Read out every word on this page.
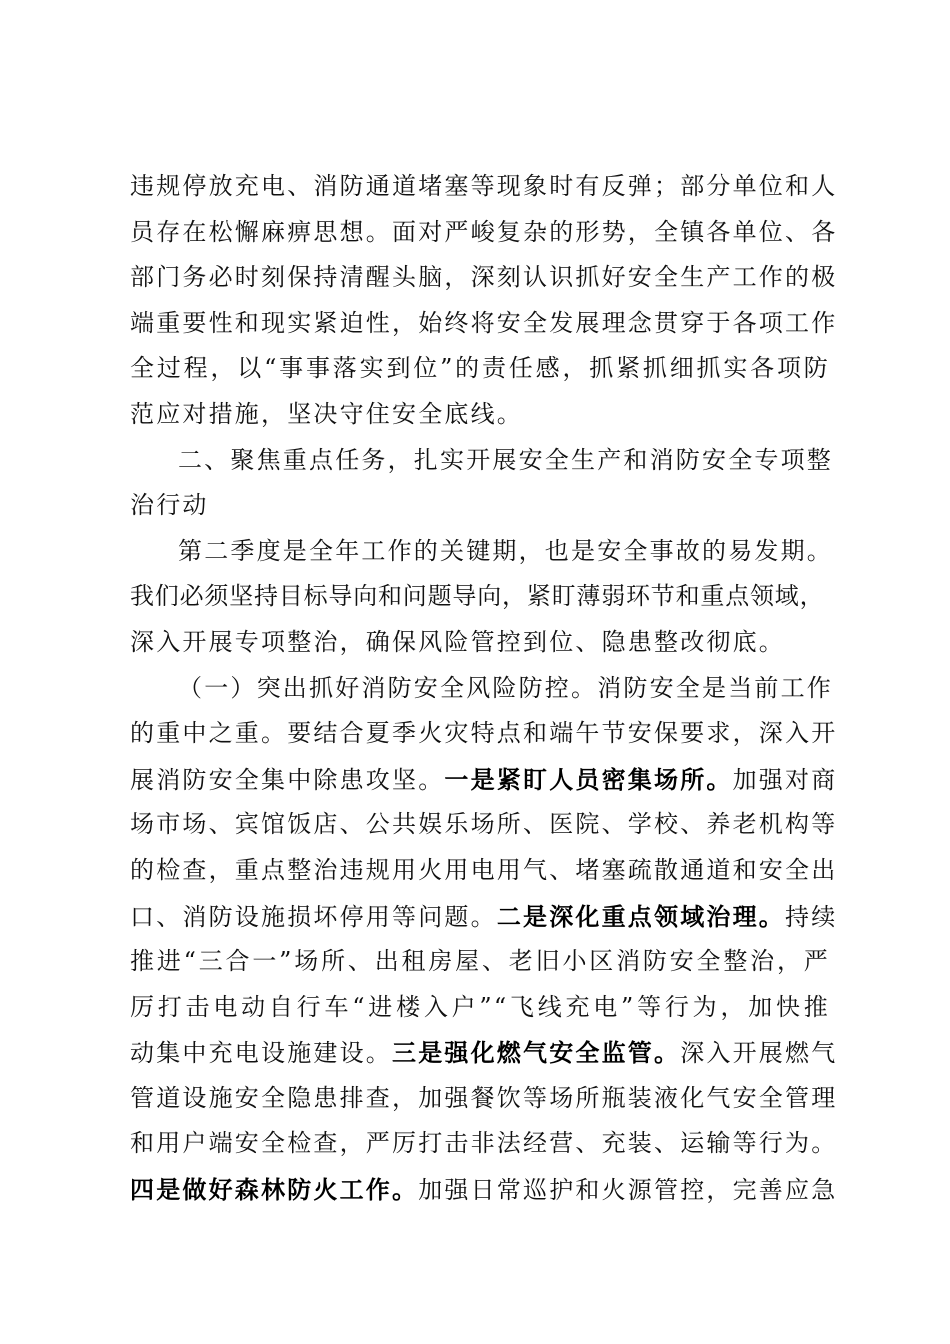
违规停放充电、消防通道堵塞等现象时有反弹；部分单位和人
员存在松懈麻痹思想。面对严峻复杂的形势，全镇各单位、各
部门务必时刻保持清醒头脑，深刻认识抓好安全生产工作的极
端重要性和现实紧迫性，始终将安全发展理念贯穿于各项工作
全过程，以“事事落实到位”的责任感，抓紧抓细抓实各项防
范应对措施，坚决守住安全底线。
二、聚焦重点任务，扎实开展安全生产和消防安全专项整
治行动
第二季度是全年工作的关键期，也是安全事故的易发期。
我们必须坚持目标导向和问题导向，紧盯薄弱环节和重点领域，
深入开展专项整治，确保风险管控到位、隐患整改彻底。
（一）突出抓好消防安全风险防控。消防安全是当前工作
的重中之重。要结合夏季火灾特点和端午节安保要求，深入开
展消防安全集中除患攻坚。一是紧盯人员密集场所。加强对商
场市场、宾馆饭店、公共娱乐场所、医院、学校、养老机构等
的检查，重点整治违规用火用电用气、堵塞疏散通道和安全出
口、消防设施损坏停用等问题。二是深化重点领域治理。持续
推进“三合一”场所、出租房屋、老旧小区消防安全整治，严
厉打击电动自行车“进楼入户”“飞线充电”等行为，加快推
动集中充电设施建设。三是强化燃气安全监管。深入开展燃气
管道设施安全隐患排查，加强餐饮等场所瓶装液化气安全管理
和用户端安全检查，严厉打击非法经营、充装、运输等行为。
四是做好森林防火工作。加强日常巡护和火源管控，完善应急
